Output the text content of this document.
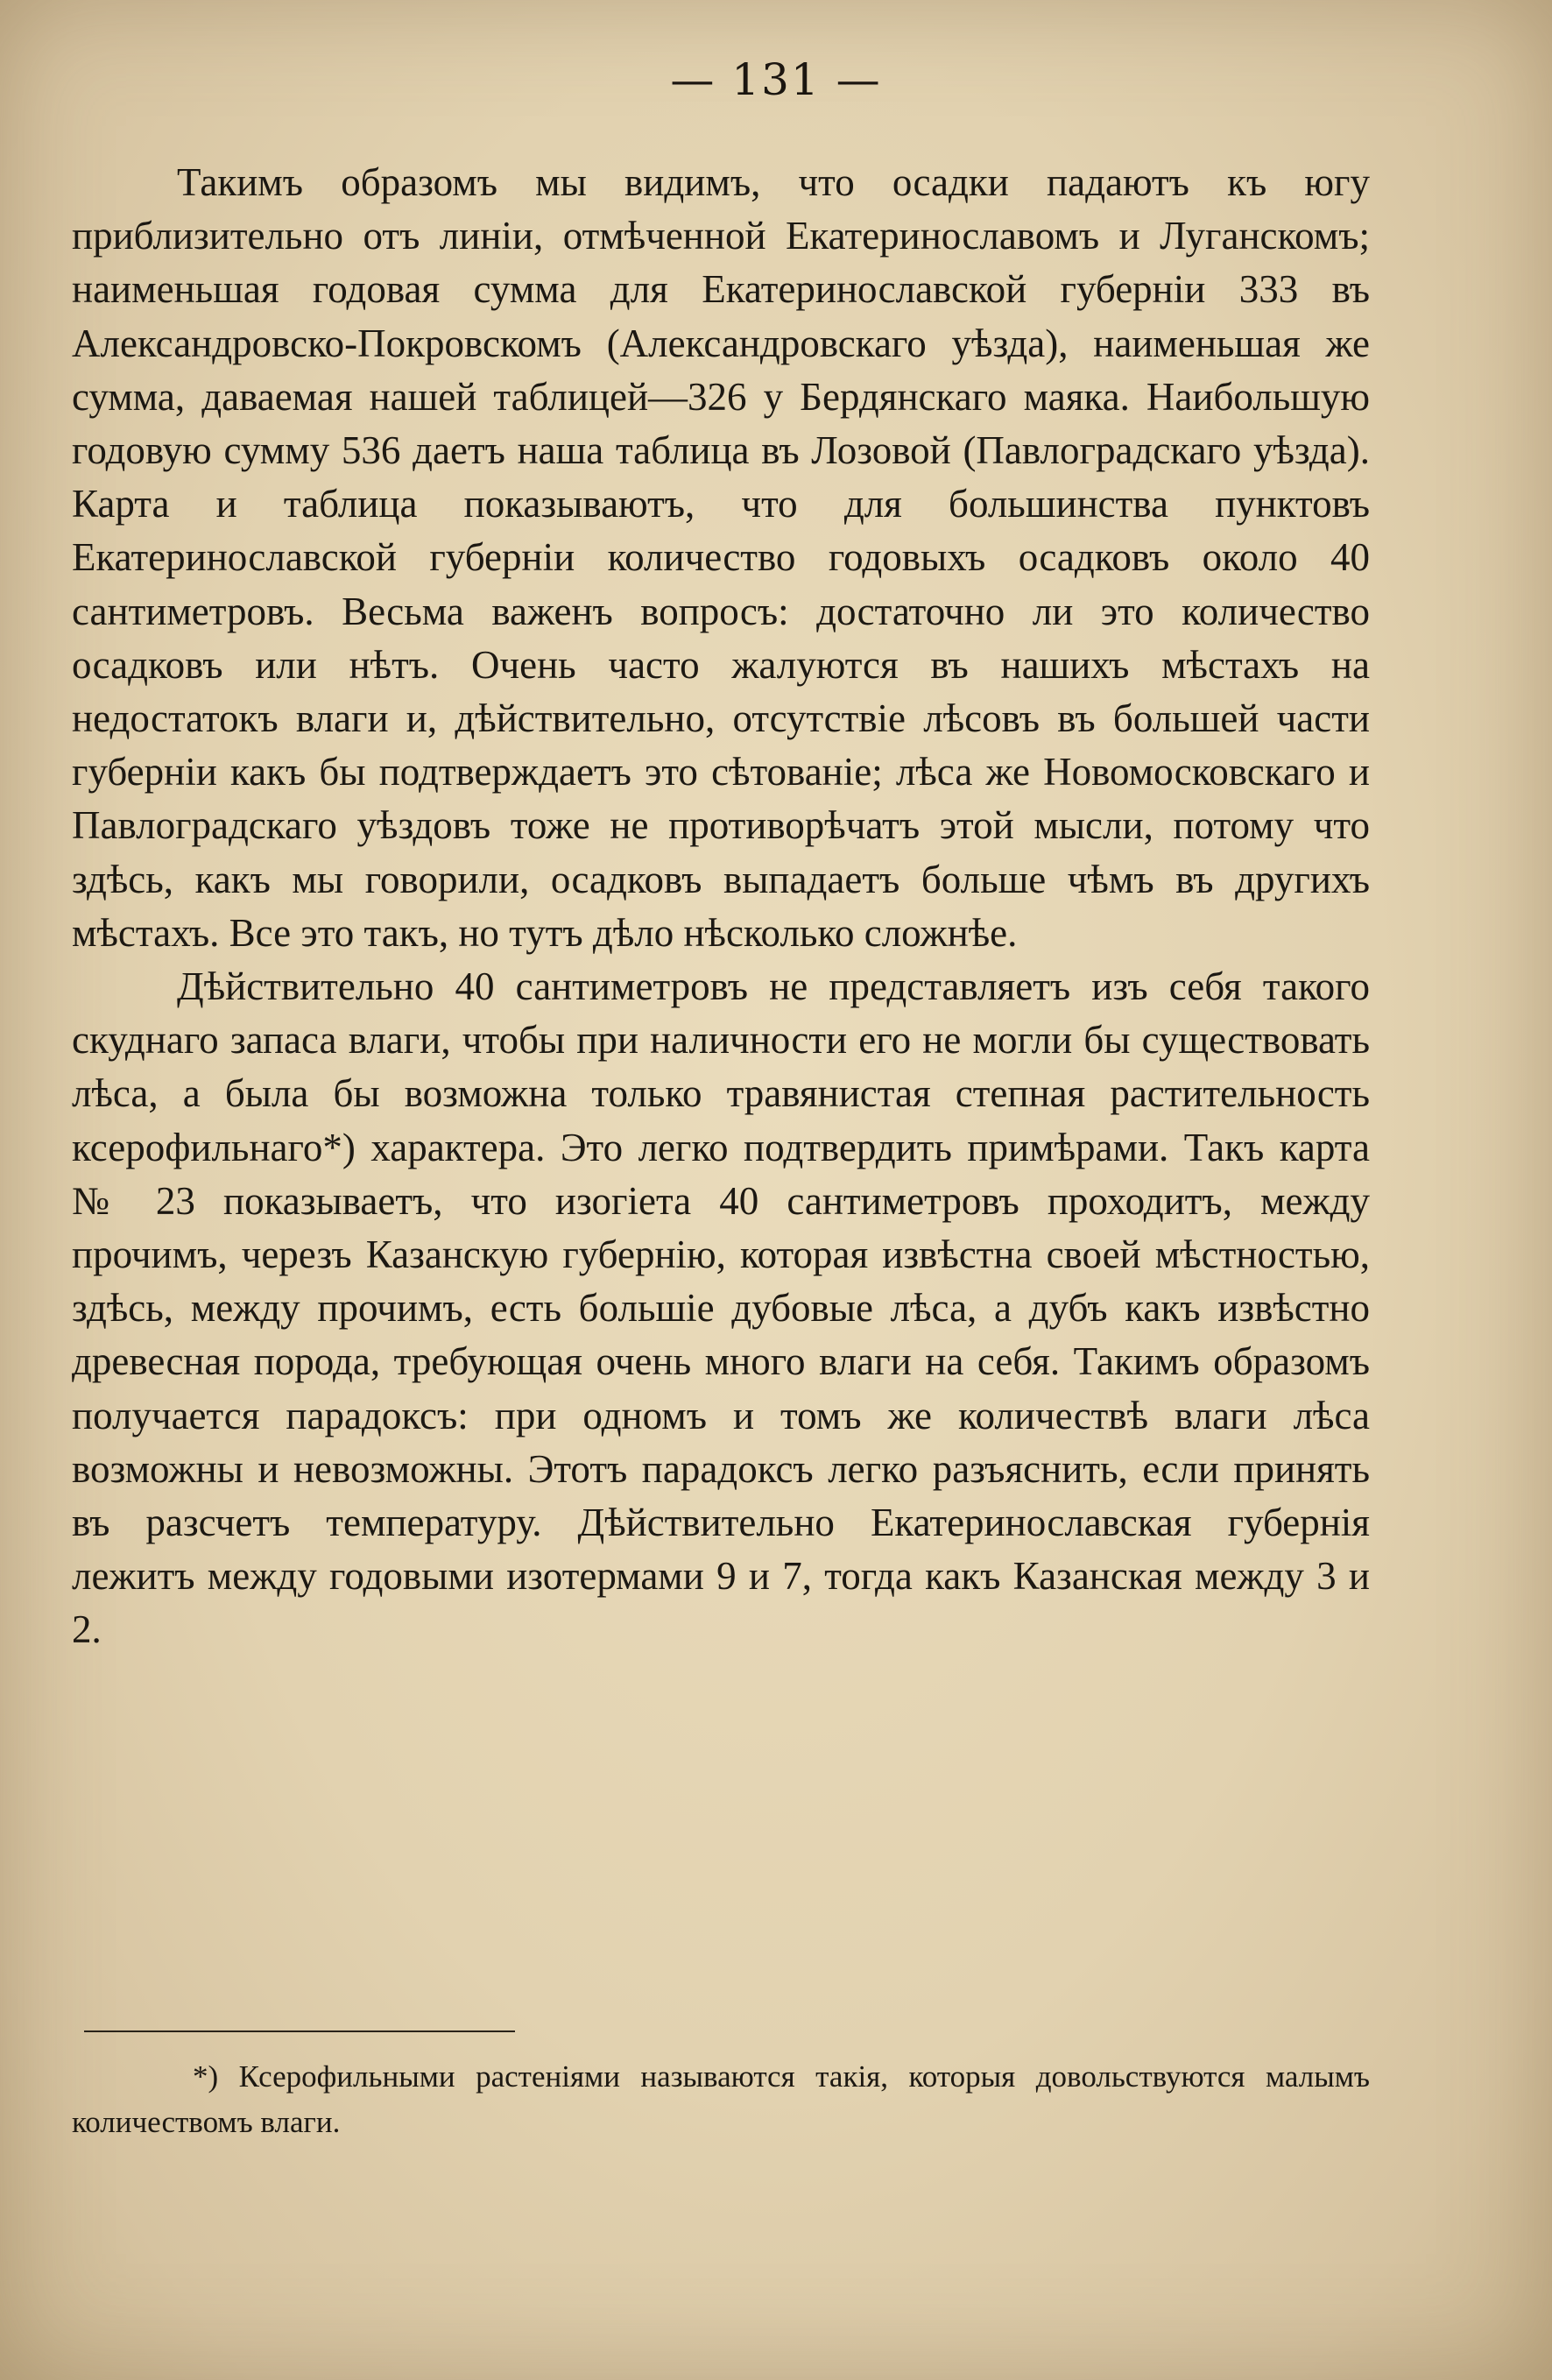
— 131 —

Такимъ образомъ мы видимъ, что осадки падаютъ къ югу приблизительно отъ линіи, отмѣченной Екатеринославомъ и Луганскомъ; наименьшая годовая сумма для Екатеринославской губерніи 333 въ Александровско-Покровскомъ (Александровскаго уѣзда), наименьшая же сумма, даваемая нашей таблицей—326 у Бердянскаго маяка. Наибольшую годовую сумму 536 даетъ наша таблица въ Лозовой (Павлоградскаго уѣзда). Карта и таблица показываютъ, что для большинства пунктовъ Екатеринославской губерніи количество годовыхъ осадковъ около 40 сантиметровъ. Весьма важенъ вопросъ: достаточно ли это количество осадковъ или нѣтъ. Очень часто жалуются въ нашихъ мѣстахъ на недостатокъ влаги и, дѣйствительно, отсутствіе лѣсовъ въ большей части губерніи какъ бы подтверждаетъ это сѣтованіе; лѣса же Новомосковскаго и Павлоградскаго уѣздовъ тоже не противорѣчатъ этой мысли, потому что здѣсь, какъ мы говорили, осадковъ выпадаетъ больше чѣмъ въ другихъ мѣстахъ. Все это такъ, но тутъ дѣло нѣсколько сложнѣе.

Дѣйствительно 40 сантиметровъ не представляетъ изъ себя такого скуднаго запаса влаги, чтобы при наличности его не могли бы существовать лѣса, а была бы возможна только травянистая степная растительность ксерофильнаго*) характера. Это легко подтвердить примѣрами. Такъ карта № 23 показываетъ, что изогіета 40 сантиметровъ проходитъ, между прочимъ, черезъ Казанскую губернію, которая извѣстна своей мѣстностью, здѣсь, между прочимъ, есть большіе дубовые лѣса, а дубъ какъ извѣстно древесная порода, требующая очень много влаги на себя. Такимъ образомъ получается парадоксъ: при одномъ и томъ же количествѣ влаги лѣса возможны и невозможны. Этотъ парадоксъ легко разъяснить, если принять въ разсчетъ температуру. Дѣйствительно Екатеринославская губернія лежитъ между годовыми изотермами 9 и 7, тогда какъ Казанская между 3 и 2.

*) Ксерофильными растеніями называются такія, которыя довольствуются малымъ количествомъ влаги.
